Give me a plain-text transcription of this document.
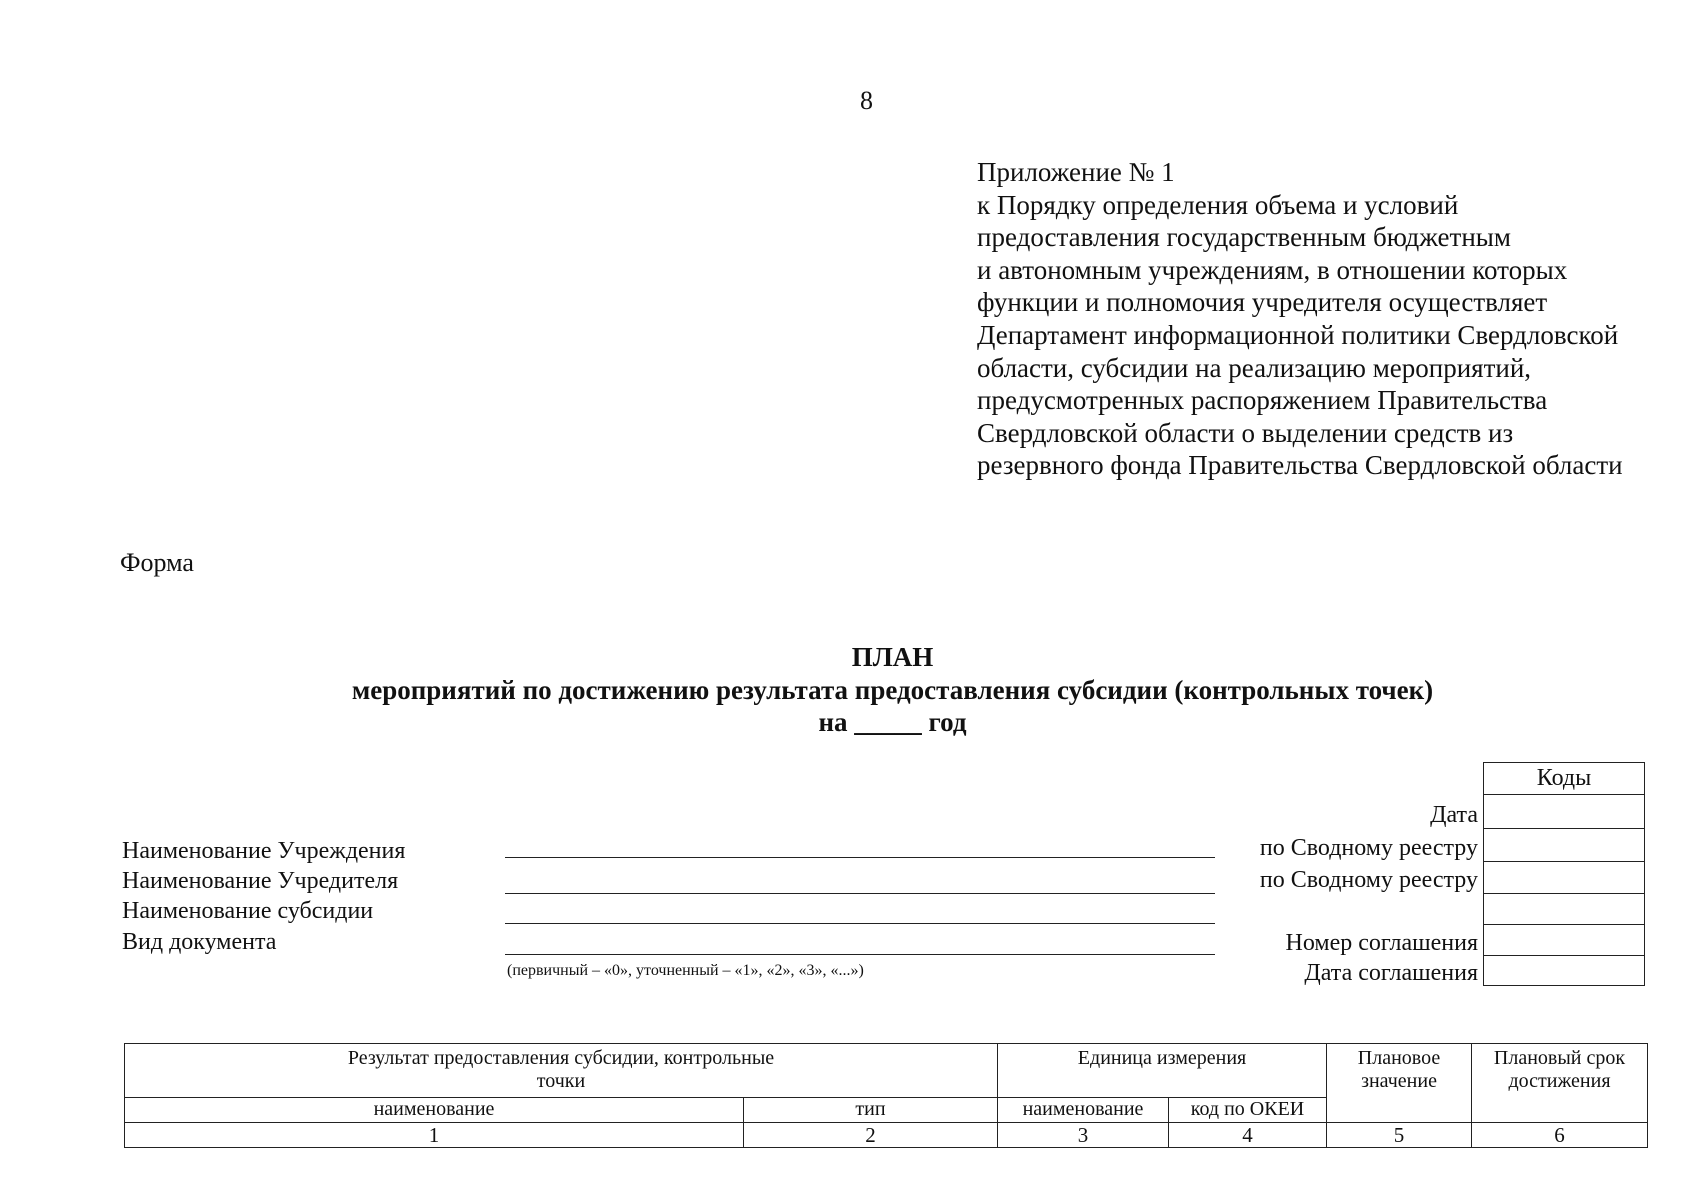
8
Приложение № 1
к Порядку определения объема и условий
предоставления государственным бюджетным
и автономным учреждениям, в отношении которых
функции и полномочия учредителя осуществляет
Департамент информационной политики Свердловской
области, субсидии на реализацию мероприятий,
предусмотренных распоряжением Правительства
Свердловской области о выделении средств из
резервного фонда Правительства Свердловской области
Форма
ПЛАН
мероприятий по достижению результата предоставления субсидии (контрольных точек)
на _____ год
Наименование Учреждения
Наименование Учредителя
Наименование субсидии
Вид документа
(первичный – «0», уточненный – «1», «2», «3», «...»)
Дата
по Сводному реестру
по Сводному реестру
Номер соглашения
Дата соглашения
Коды

Результат предоставления субсидии, контрольные точки		Единица измерения		Плановое значение	Плановый срок достижения

наименование	тип	наименование	код по ОКЕИ		
1	2	3	4	5	6
